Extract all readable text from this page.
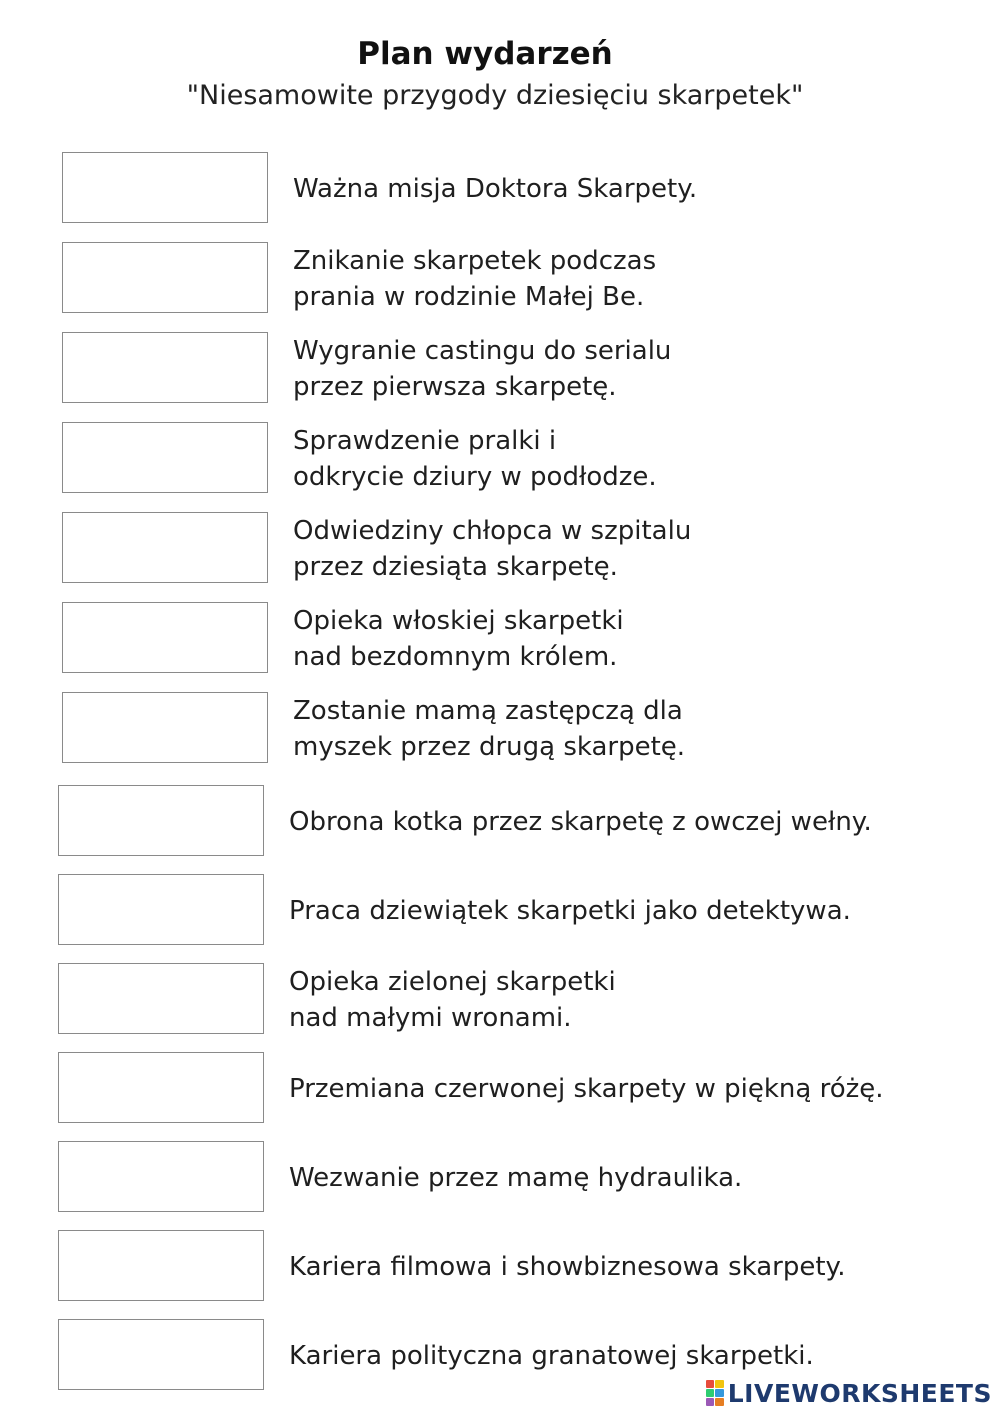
Plan wydarzeń
"Niesamowite przygody dziesięciu skarpetek"
Ważna misja Doktora Skarpety.
Znikanie skarpetek podczas
prania w rodzinie Małej Be.
Wygranie castingu do serialu
przez pierwsza skarpetę.
Sprawdzenie pralki i
odkrycie dziury w podłodze.
Odwiedziny chłopca w szpitalu
przez dziesiąta skarpetę.
Opieka włoskiej skarpetki
nad bezdomnym królem.
Zostanie mamą zastępczą dla
myszek przez drugą skarpetę.
Obrona kotka przez skarpetę z owczej wełny.
Praca dziewiątek skarpetki jako detektywa.
Opieka zielonej skarpetki
nad małymi wronami.
Przemiana czerwonej skarpety w piękną różę.
Wezwanie przez mamę hydraulika.
Kariera filmowa i showbiznesowa skarpety.
Kariera polityczna granatowej skarpetki.
LIVEWORKSHEETS
